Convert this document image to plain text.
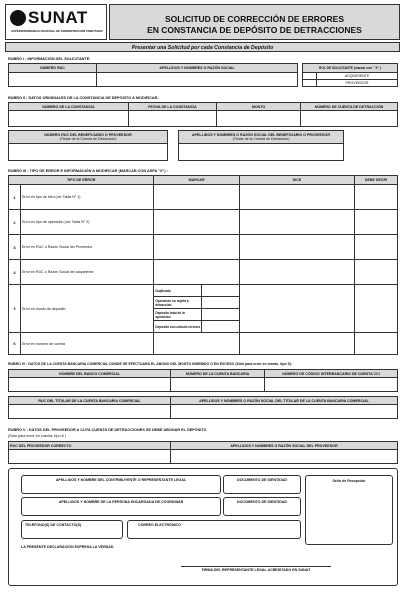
SUNAT
SUPERINTENDENCIA NACIONAL DE ADMINISTRACIÓN TRIBUTARIA
SOLICITUD DE CORRECCIÓN DE ERRORES
EN CONSTANCIA DE DEPÓSITO DE DETRACCIONES
Presentar una Solicitud por cada Constancia de Depósito
RUBRO I : INFORMACIÓN DEL SOLICITANTE:
NÚMERO RUC	APELLIDOS Y NOMBRES O RAZÓN SOCIAL
		ROL DE SOLICITANTE (marcar con " X" )	
	ADQUIRIENTE
	PROVEEDOR
RUBRO II : DATOS ORIGINALES DE LA CONSTANCIA DE DEPÓSITO A MODIFICAR:
NÚMERO DE LA CONSTANCIA	FECHA DE LA CONSTANCIA	MONTO	NÚMERO DE CUENTA DE DETRACCIÓN

NÚMERO RUC DEL BENEFICIARIO O PROVEEDOR
(Titular de la Cuenta de Detracción)

APELLIDOS Y NOMBRES O RAZÓN SOCIAL DEL BENEFICIARIO O PROVEEDOR
(Titular de la Cuenta de Detracción)

RUBRO III : TIPO DE ERROR E INFORMACIÓN A MODIFICAR (MARCAR CON ASPA "X") :
TIPO DE ERROR		MARCAR		DICE	DEBE DECIR
1	Error en tipo de bien (ver Tabla N° 1)				
2	Error en tipo de operación (ver Tabla N° 2)				
3	Error en RUC o Razón Social del Proveedor				
4	Error en RUC o Razón Social del adquiriente				
5	Error en monto de depósito	Duplicado			
		Operación no sujeta a detracción			
		Depósito total de la operación			
		Depósito con cálculo erróneo			
6	Error en número de cuenta				
RUBRO IV : DATOS DE LA CUENTA BANCARIA COMERCIAL DONDE SE EFECTUARÁ EL ABONO DEL MONTO INDEBIDO O EN EXCESO (Sólo para error en monto, tipo 5):
NOMBRE DEL BANCO COMERCIAL	NÚMERO DE LA CUENTA BANCARIA	NÚMERO DE CÓDIGO INTERBANCARIO DE CUENTA CCI

RUC DEL TITULAR DE LA CUENTA BANCARIA COMERCIAL	APELLIDOS Y NOMBRES O RAZÓN SOCIAL DEL TITULAR DE LA CUENTA BANCARIA COMERCIAL

RUBRO V : DATOS DEL PROVEEDOR A CUYA CUENTA DE DETRACCIONES SE DEBE ABONAR EL DEPÓSITO
(Sólo para error en cuenta, tipo 6 )
RUC DEL PROVEEDOR CORRECTO	APELLIDOS Y NOMBRES O RAZÓN SOCIAL DEL PROVEEDOR

APELLIDOS Y NOMBRE DEL CONTRIBUYENTE O REPRESENTANTE LEGAL	DOCUMENTO DE IDENTIDAD
APELLIDOS Y NOMBRE DE LA PERSONA ENCARGADA DE COORDINAR	DOCUMENTO DE IDENTIDAD
TELÉFONO(S) DE CONTACTO(S)	CORREO ELECTRÓNICO
Sello de Recepción
LA PRESENTE DECLARACIÓN EXPRESA LA VERDAD
FIRMA DEL REPRESENTANTE LEGAL ACREDITADO EN SUNAT
